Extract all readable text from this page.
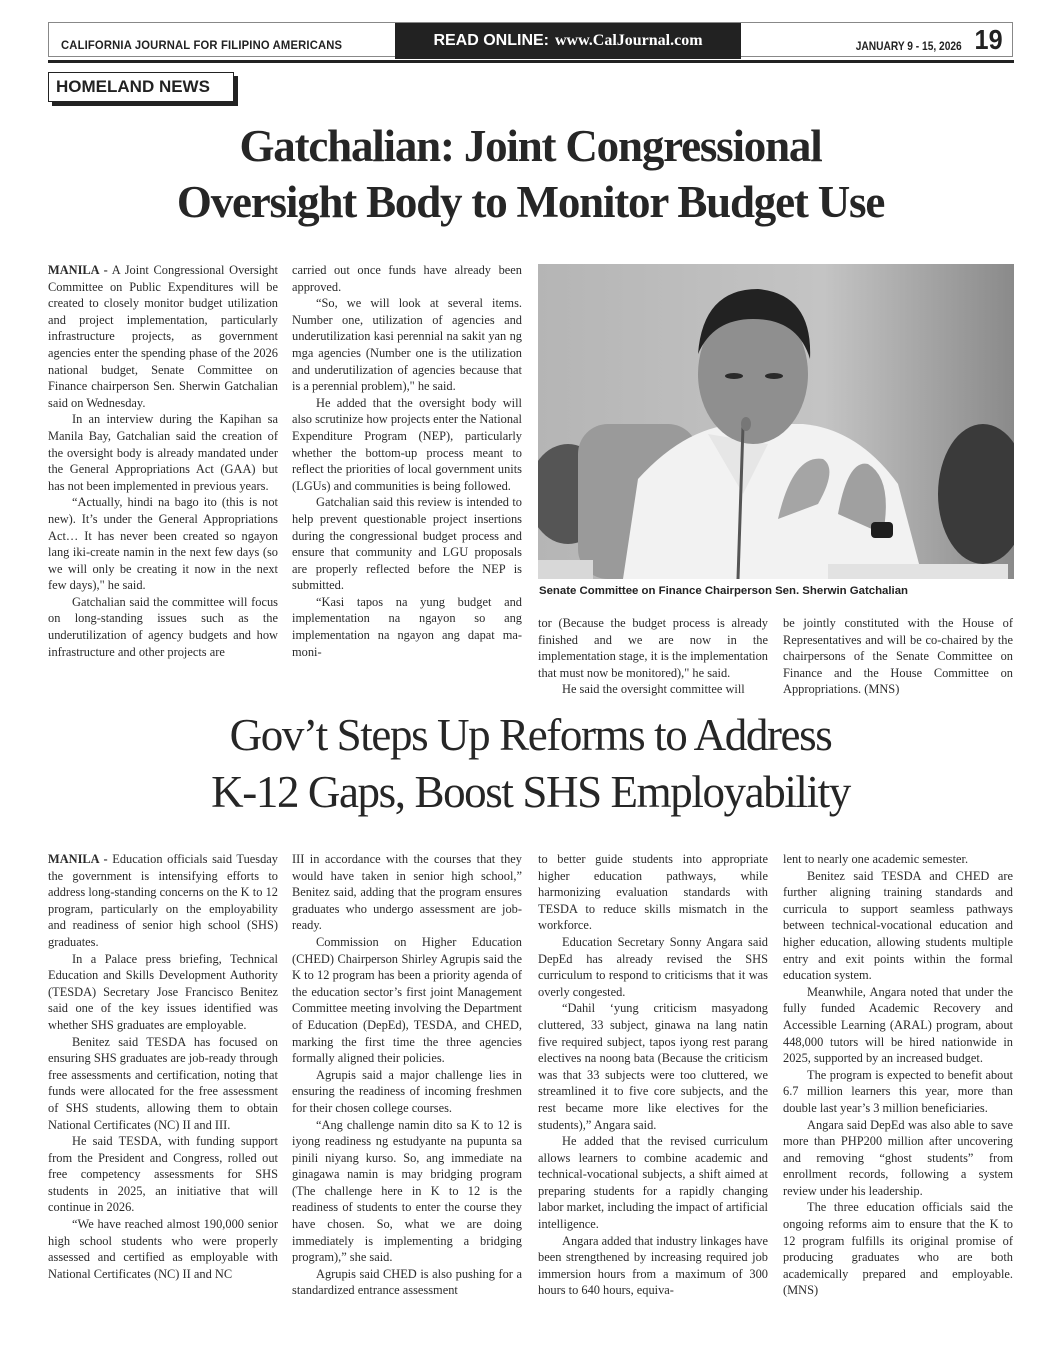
CALIFORNIA JOURNAL FOR FILIPINO AMERICANS	READ ONLINE: www.CalJournal.com	JANUARY 9 - 15, 2026 19
HOMELAND NEWS
Gatchalian: Joint Congressional
Oversight Body to Monitor Budget Use

MANILA - A Joint Congressional Oversight Committee on Public Expenditures will be created to closely monitor budget utilization and project implementation, particularly infrastructure projects, as government agencies enter the spending phase of the 2026 national budget, Senate Committee on Finance chairperson Sen. Sherwin Gatchalian said on Wednesday.

In an interview during the Kapihan sa Manila Bay, Gatchalian said the creation of the oversight body is already mandated under the General Appropriations Act (GAA) but has not been implemented in previous years.

“Actually, hindi na bago ito (this is not new). It’s under the General Appropriations Act… It has never been created so ngayon lang iki-create namin in the next few days (so we will only be creating it now in the next few days)," he said.

Gatchalian said the committee will focus on long-standing issues such as the underutilization of agency budgets and how infrastructure and other projects are

carried out once funds have already been approved.

“So, we will look at several items. Number one, utilization of agencies and underutilization kasi perennial na sakit yan ng mga agencies (Number one is the utilization and underutilization of agencies because that is a perennial problem)," he said.

He added that the oversight body will also scrutinize how projects enter the National Expenditure Program (NEP), particularly whether the bottom-up process meant to reflect the priorities of local government units (LGUs) and communities is being followed.

Gatchalian said this review is intended to help prevent questionable project insertions during the congressional budget process and ensure that community and LGU proposals are properly reflected before the NEP is submitted.

“Kasi tapos na yung budget and implementation na ngayon so ang implementation na ngayon ang dapat ma-moni-

Senate Committee on Finance Chairperson Sen. Sherwin Gatchalian

tor (Because the budget process is already finished and we are now in the implementation stage, it is the implementation that must now be monitored)," he said.

He said the oversight committee will

be jointly constituted with the House of Representatives and will be co-chaired by the chairpersons of the Senate Committee on Finance and the House Committee on Appropriations. (MNS)

Gov’t Steps Up Reforms to Address
K-12 Gaps, Boost SHS Employability

MANILA - Education officials said Tuesday the government is intensifying efforts to address long-standing concerns on the K to 12 program, particularly on the employability and readiness of senior high school (SHS) graduates.

In a Palace press briefing, Technical Education and Skills Development Authority (TESDA) Secretary Jose Francisco Benitez said one of the key issues identified was whether SHS graduates are employable.

Benitez said TESDA has focused on ensuring SHS graduates are job-ready through free assessments and certification, noting that funds were allocated for the free assessment of SHS students, allowing them to obtain National Certificates (NC) II and III.

He said TESDA, with funding support from the President and Congress, rolled out free competency assessments for SHS students in 2025, an initiative that will continue in 2026.

“We have reached almost 190,000 senior high school students who were properly assessed and certified as employable with National Certificates (NC) II and NC

III in accordance with the courses that they would have taken in senior high school,” Benitez said, adding that the program ensures graduates who undergo assessment are job-ready.

Commission on Higher Education (CHED) Chairperson Shirley Agrupis said the K to 12 program has been a priority agenda of the education sector’s first joint Management Committee meeting involving the Department of Education (DepEd), TESDA, and CHED, marking the first time the three agencies formally aligned their policies.

Agrupis said a major challenge lies in ensuring the readiness of incoming freshmen for their chosen college courses.

“Ang challenge namin dito sa K to 12 is iyong readiness ng estudyante na pupunta sa pinili niyang kurso. So, ang immediate na ginagawa namin is may bridging program (The challenge here in K to 12 is the readiness of students to enter the course they have chosen. So, what we are doing immediately is implementing a bridging program),” she said.

Agrupis said CHED is also pushing for a standardized entrance assessment

to better guide students into appropriate higher education pathways, while harmonizing evaluation standards with TESDA to reduce skills mismatch in the workforce.

Education Secretary Sonny Angara said DepEd has already revised the SHS curriculum to respond to criticisms that it was overly congested.

“Dahil ‘yung criticism masyadong cluttered, 33 subject, ginawa na lang natin five required subject, tapos iyong rest parang electives na noong bata (Because the criticism was that 33 subjects were too cluttered, we streamlined it to five core subjects, and the rest became more like electives for the students),” Angara said.

He added that the revised curriculum allows learners to combine academic and technical-vocational subjects, a shift aimed at preparing students for a rapidly changing labor market, including the impact of artificial intelligence.

Angara added that industry linkages have been strengthened by increasing required job immersion hours from a maximum of 300 hours to 640 hours, equiva-

lent to nearly one academic semester.

Benitez said TESDA and CHED are further aligning training standards and curricula to support seamless pathways between technical-vocational education and higher education, allowing students multiple entry and exit points within the formal education system.

Meanwhile, Angara noted that under the fully funded Academic Recovery and Accessible Learning (ARAL) program, about 448,000 tutors will be hired nationwide in 2025, supported by an increased budget.

The program is expected to benefit about 6.7 million learners this year, more than double last year’s 3 million beneficiaries.

Angara said DepEd was also able to save more than PHP200 million after uncovering and removing “ghost students” from enrollment records, following a system review under his leadership.

The three education officials said the ongoing reforms aim to ensure that the K to 12 program fulfills its original promise of producing graduates who are both academically prepared and employable. (MNS)
